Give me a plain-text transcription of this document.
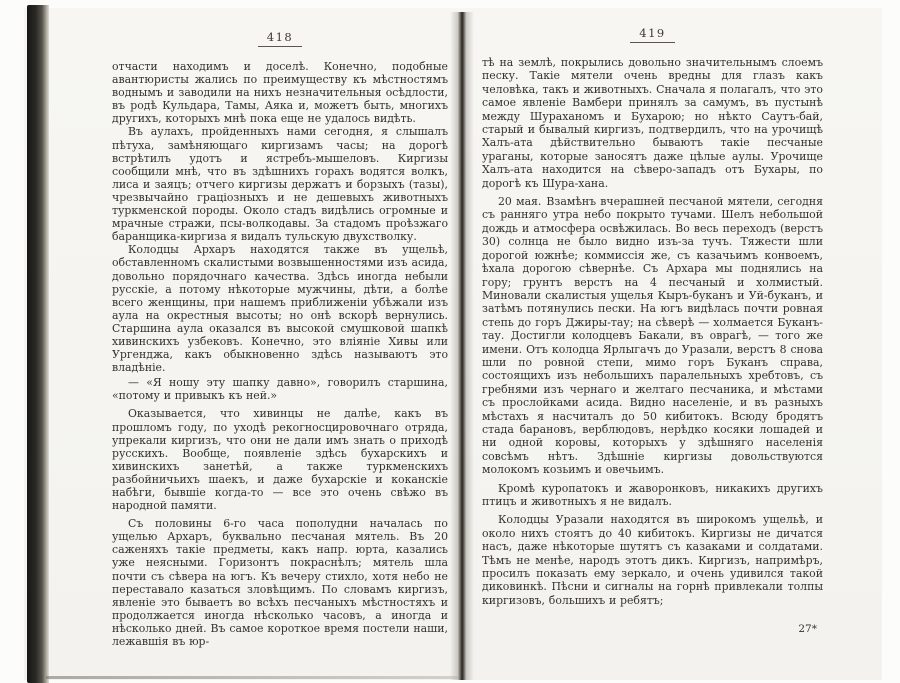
418

отчасти находимъ и доселѣ. Конечно, подобные авантюристы жались по преимуществу къ мѣстностямъ воднымъ и заводили на нихъ незначительныя осѣдлости, въ родѣ Кульдара, Тамы, Аяка и, можетъ быть, многихъ другихъ, которыхъ мнѣ пока еще не удалось видѣть.

Въ аулахъ, пройденныхъ нами сегодня, я слышалъ пѣтуха, замѣняющаго киргизамъ часы; на дорогѣ встрѣтилъ удотъ и ястребъ-мышеловъ. Киргизы сообщили мнѣ, что въ здѣшнихъ горахъ водятся волкъ, лиса и заяцъ; отчего киргизы держатъ и борзыхъ (тазы), чрезвычайно граціозныхъ и не дешевыхъ животныхъ туркменской породы. Около стадъ видѣлись огромные и мрачные стражи, псы-волкодавы. За стадомъ проѣзжаго баранщика-киргиза я видалъ тульскую двухстволку.

Колодцы Архаръ находятся также въ ущельѣ, обставленномъ скалистыми возвышенностями изъ асида, довольно порядочнаго качества. Здѣсь иногда небыли русскіе, а потому нѣкоторые мужчины, дѣти, а болѣе всего женщины, при нашемъ приближеніи убѣжали изъ аула на окрестныя высоты; но онѣ вскорѣ вернулись. Старшина аула оказался въ высокой смушковой шапкѣ хивинскихъ узбековъ. Конечно, это вліяніе Хивы или Ургенджа, какъ обыкновенно здѣсь называютъ это владѣніе.

— «Я ношу эту шапку давно», говорилъ старшина, «потому и привыкъ къ ней.»

Оказывается, что хивинцы не далѣе, какъ въ прошломъ году, по уходѣ рекогносцировочнаго отряда, упрекали киргизъ, что они не дали имъ знать о приходѣ русскихъ. Вообще, появленіе здѣсь бухарскихъ и хивинскихъ занетѣй, а также туркменскихъ разбойничьихъ шаекъ, и даже бухарскіе и коканскіе набѣги, бывшіе когда-то — все это очень свѣжо въ народной памяти.

Съ половины 6-го часа пополудни началась по ущелью Архаръ, буквально песчаная мятель. Въ 20 саженяхъ такіе предметы, какъ напр. юрта, казались уже неясными. Горизонтъ покраснѣлъ; мятель шла почти съ сѣвера на югъ. Къ вечеру стихло, хотя небо не переставало казаться зловѣщимъ. По словамъ киргизъ, явленіе это бываетъ во всѣхъ песчаныхъ мѣстностяхъ и продолжается иногда нѣсколько часовъ, а иногда и нѣсколько дней. Въ самое короткое время постели наши, лежавшія въ юр-

419

тѣ на землѣ, покрылись довольно значительнымъ слоемъ песку. Такіе мятели очень вредны для глазъ какъ человѣка, такъ и животныхъ. Сначала я полагалъ, что это самое явленіе Вамбери принялъ за самумъ, въ пустынѣ между Шураханомъ и Бухарою; но нѣкто Саутъ-бай, старый и бывалый киргизъ, подтвердилъ, что на урочищѣ Халъ-ата дѣйствительно бываютъ такіе песчаные ураганы, которые заносятъ даже цѣлые аулы. Урочище Халъ-ата находится на сѣверо-западъ отъ Бухары, по дорогѣ къ Шура-хана.

20 мая. Взамѣнъ вчерашней песчаной мятели, сегодня съ ранняго утра небо покрыто тучами. Шелъ небольшой дождь и атмосфера освѣжилась. Во весь переходъ (верстъ 30) солнца не было видно изъ-за тучъ. Тяжести шли дорогой южнѣе; коммиссія же, съ казачьимъ конвоемъ, ѣхала дорогою сѣвернѣе. Съ Архара мы поднялись на гору; грунтъ верстъ на 4 песчаный и холмистый. Миновали скалистыя ущелья Кыръ-буканъ и Уй-буканъ, и затѣмъ потянулись пески. На югъ видѣлась почти ровная степь до горъ Джиры-тау; на сѣверѣ — холмается Буканъ-тау. Достигли колодцевъ Бакали, въ оврагѣ, — того же имени. Отъ колодца Ярлыгачъ до Уразали, верстъ 8 снова шли по ровной степи, мимо горъ Буканъ справа, состоящихъ изъ небольшихъ паралельныхъ хребтовъ, съ гребнями изъ чернаго и желтаго песчаника, и мѣстами съ прослойками асида. Видно населеніе, и въ разныхъ мѣстахъ я насчиталъ до 50 кибитокъ. Всюду бродятъ стада барановъ, верблюдовъ, нерѣдко косяки лошадей и ни одной коровы, которыхъ у здѣшняго населенія совсѣмъ нѣтъ. Здѣшніе киргизы довольствуются молокомъ козьимъ и овечьимъ.

Кромѣ куропатокъ и жаворонковъ, никакихъ другихъ птицъ и животныхъ я не видалъ.

Колодцы Уразали находятся въ широкомъ ущельѣ, и около нихъ стоятъ до 40 кибитокъ. Киргизы не дичатся насъ, даже нѣкоторые шутятъ съ казаками и солдатами. Тѣмъ не менѣе, народъ этотъ дикъ. Киргизъ, напримѣръ, просилъ показать ему зеркало, и очень удивился такой диковинкѣ. Пѣсни и сигналы на горнѣ привлекали толпы киргизовъ, большихъ и ребятъ;

27*
